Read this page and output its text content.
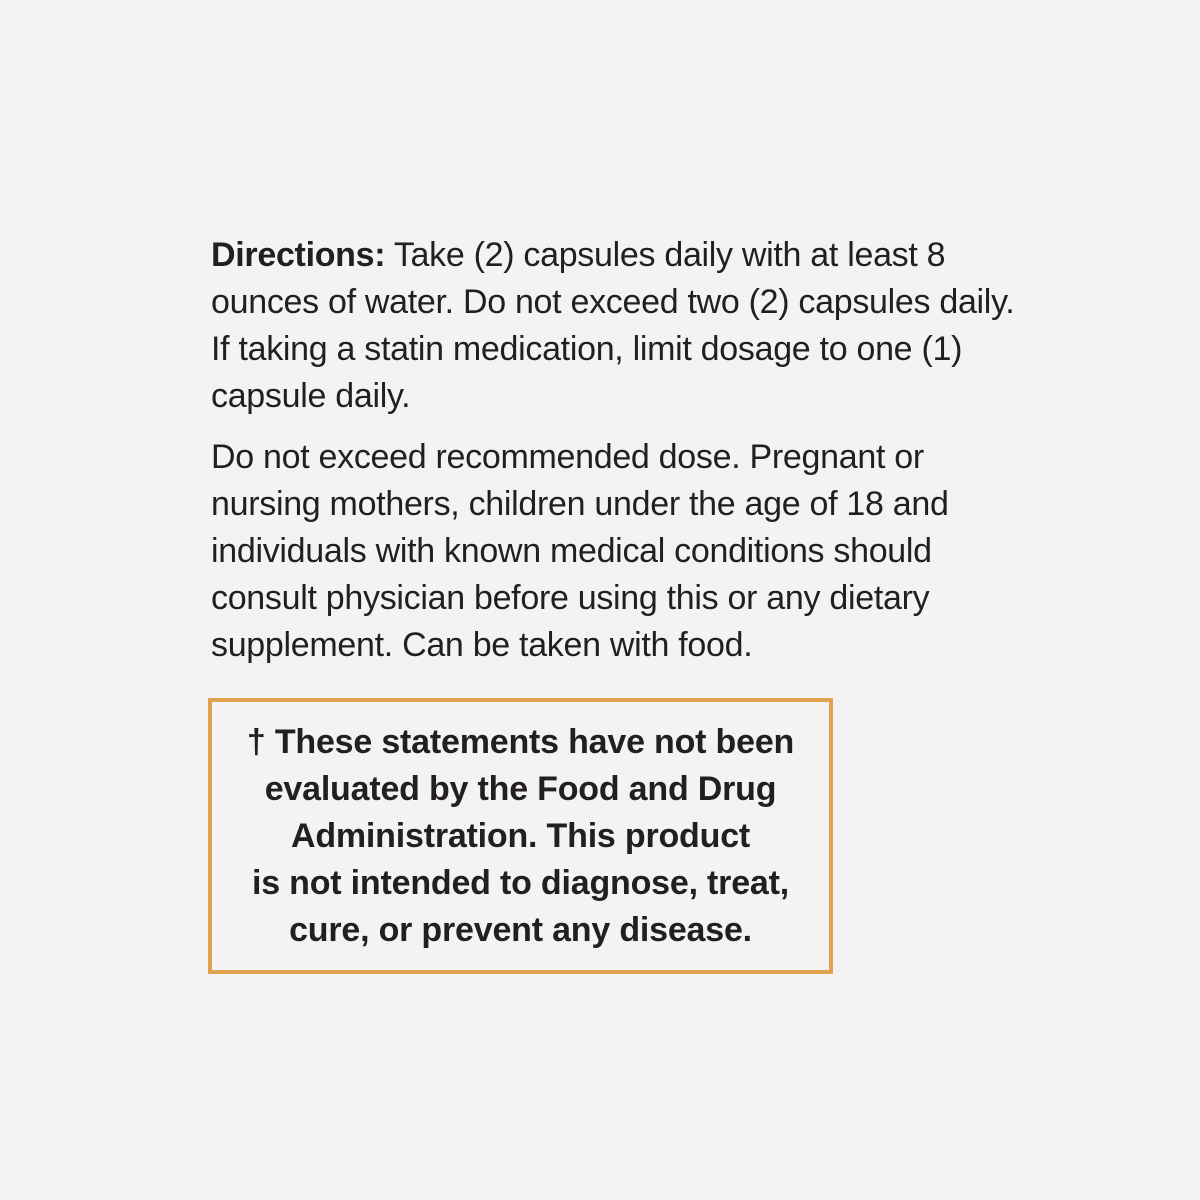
Directions: Take (2) capsules daily with at least 8 ounces of water. Do not exceed two (2) capsules daily. If taking a statin medication, limit dosage to one (1) capsule daily.

Do not exceed recommended dose. Pregnant or nursing mothers, children under the age of 18 and individuals with known medical conditions should consult physician before using this or any dietary supplement. Can be taken with food.

† These statements have not been
evaluated by the Food and Drug
Administration. This product
is not intended to diagnose, treat,
cure, or prevent any disease.
